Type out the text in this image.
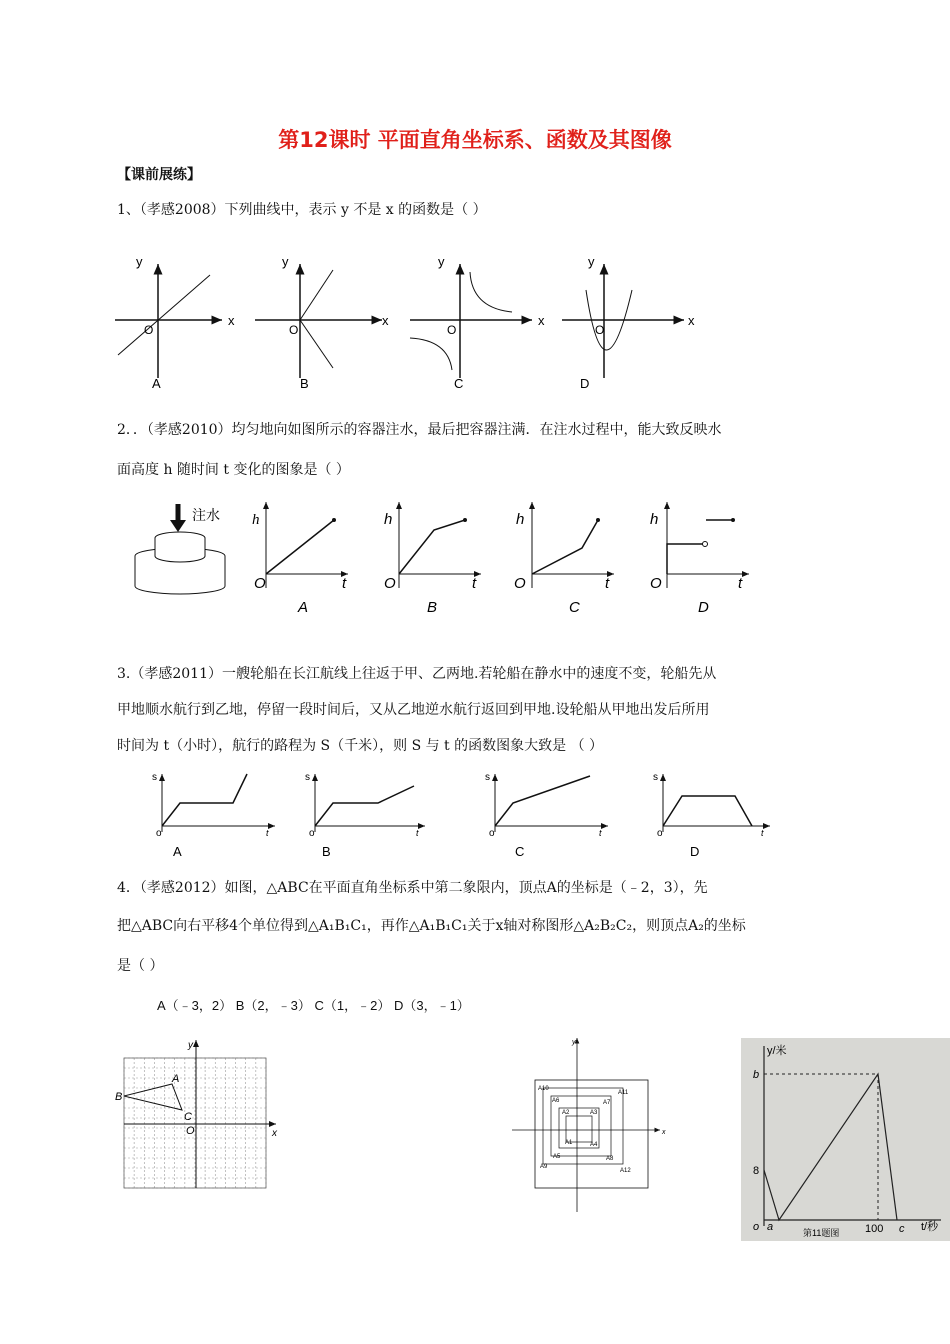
第12课时 平面直角坐标系、函数及其图像
【课前展练】
1、（孝感2008）下列曲线中，表示 y 不是 x 的函数是（ ）
y
x
O
A
y
x
O
B
y
x
O
C
y
x
O
D
2．．（孝感2010）均匀地向如图所示的容器注水，最后把容器注满．在注水过程中，能大致反映水
面高度 h 随时间 t 变化的图象是（ ）
注水 h
O	t
A
h
O	t
B
h
O	t
C
h
O	t
D
3.（孝感2011）一艘轮船在长江航线上往返于甲、乙两地.若轮船在静水中的速度不变，轮船先从
甲地顺水航行到乙地，停留一段时间后，又从乙地逆水航行返回到甲地.设轮船从甲地出发后所用
时间为 t（小时），航行的路程为 S（千米），则 S 与 t 的函数图象大致是 （ ）
s
o	t
A
s
o	t
B
s
o	t
C
s
o	t
D
4．（孝感2012）如图，△ABC在平面直角坐标系中第二象限内，顶点A的坐标是（﹣2，3），先
把△ABC向右平移4个单位得到△A₁B₁C₁，再作△A₁B₁C₁关于x轴对称图形△A₂B₂C₂，则顶点A₂的坐标
是（ ）
A（﹣3，2） B（2，﹣3） C（1，﹣2） D（3，﹣1）
A
B
C
O	x
y
A10
A11
A6	A7
A2	A3
A1	A4
A5	A8
A9
A12
x
y
y/米
b
8
o a	100 c t/秒
第11题图
